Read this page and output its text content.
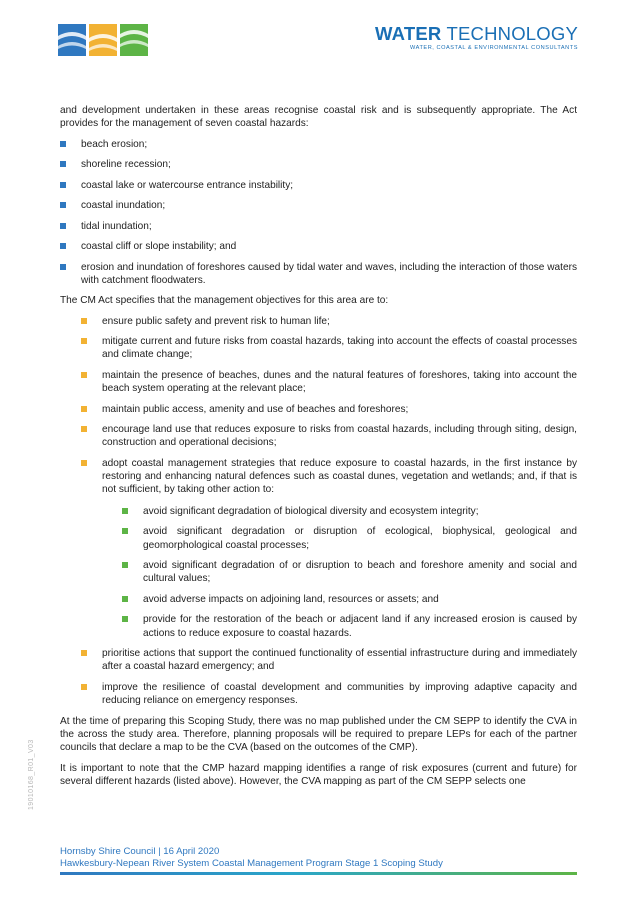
WATER TECHNOLOGY
WATER, COASTAL & ENVIRONMENTAL CONSULTANTS

and development undertaken in these areas recognise coastal risk and is subsequently appropriate. The Act provides for the management of seven coastal hazards:

beach erosion;
shoreline recession;
coastal lake or watercourse entrance instability;
coastal inundation;
tidal inundation;
coastal cliff or slope instability; and
erosion and inundation of foreshores caused by tidal water and waves, including the interaction of those waters with catchment floodwaters.

The CM Act specifies that the management objectives for this area are to:

ensure public safety and prevent risk to human life;
mitigate current and future risks from coastal hazards, taking into account the effects of coastal processes and climate change;
maintain the presence of beaches, dunes and the natural features of foreshores, taking into account the beach system operating at the relevant place;
maintain public access, amenity and use of beaches and foreshores;
encourage land use that reduces exposure to risks from coastal hazards, including through siting, design, construction and operational decisions;
adopt coastal management strategies that reduce exposure to coastal hazards, in the first instance by restoring and enhancing natural defences such as coastal dunes, vegetation and wetlands; and, if that is not sufficient, by taking other action to:
avoid significant degradation of biological diversity and ecosystem integrity;
avoid significant degradation or disruption of ecological, biophysical, geological and geomorphological coastal processes;
avoid significant degradation of or disruption to beach and foreshore amenity and social and cultural values;
avoid adverse impacts on adjoining land, resources or assets; and
provide for the restoration of the beach or adjacent land if any increased erosion is caused by actions to reduce exposure to coastal hazards.
prioritise actions that support the continued functionality of essential infrastructure during and immediately after a coastal hazard emergency; and
improve the resilience of coastal development and communities by improving adaptive capacity and reducing reliance on emergency responses.

At the time of preparing this Scoping Study, there was no map published under the CM SEPP to identify the CVA in the across the study area. Therefore, planning proposals will be required to prepare LEPs for each of the partner councils that declare a map to be the CVA (based on the outcomes of the CMP).

It is important to note that the CMP hazard mapping identifies a range of risk exposures (current and future) for several different hazards (listed above). However, the CVA mapping as part of the CM SEPP selects one

19010168_R01_V03
Hornsby Shire Council | 16 April 2020
Hawkesbury-Nepean River System Coastal Management Program Stage 1 Scoping Study
